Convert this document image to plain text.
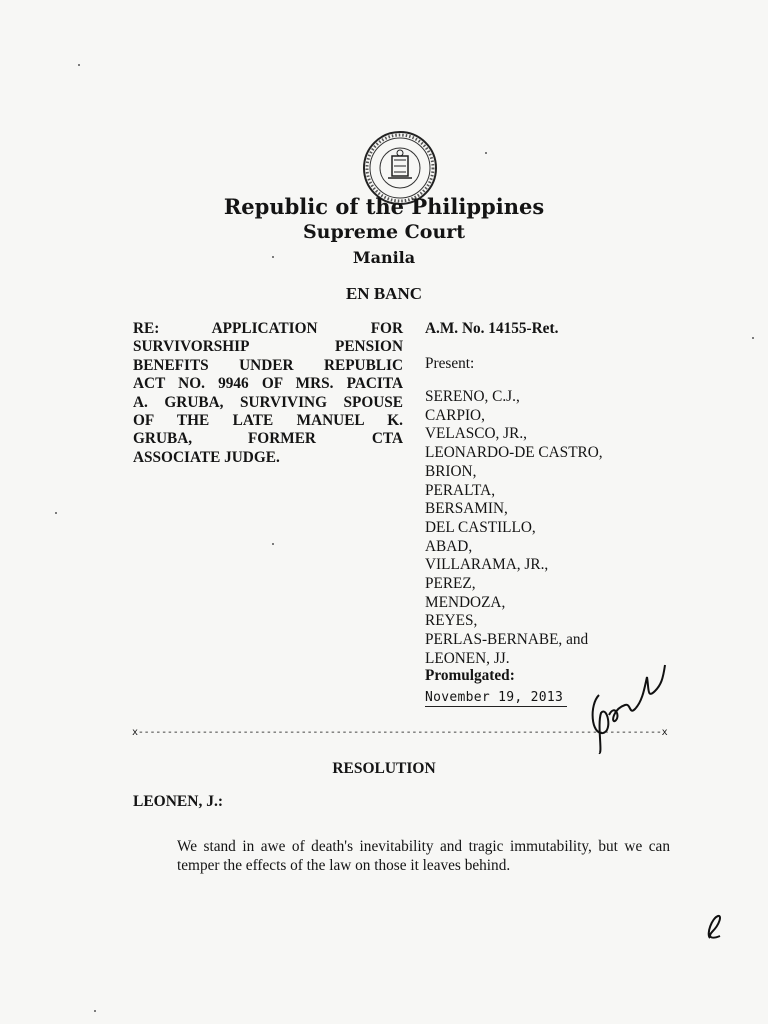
Republic of the Philippines
Supreme Court
Manila
EN BANC
RE: APPLICATION FOR
SURVIVORSHIP PENSION
BENEFITS UNDER REPUBLIC
ACT NO. 9946 OF MRS. PACITA
A. GRUBA, SURVIVING SPOUSE
OF THE LATE MANUEL K.
GRUBA, FORMER CTA
ASSOCIATE JUDGE.
A.M. No. 14155-Ret.
Present:
SERENO, C.J.,
CARPIO,
VELASCO, JR.,
LEONARDO-DE CASTRO,
BRION,
PERALTA,
BERSAMIN,
DEL CASTILLO,
ABAD,
VILLARAMA, JR.,
PEREZ,
MENDOZA,
REYES,
PERLAS-BERNABE, and
LEONEN, JJ.
Promulgated:
November 19, 2013
x------------------------------------------------------------------------------------------x
RESOLUTION
LEONEN, J.:
We stand in awe of death's inevitability and tragic immutability, but we can temper the effects of the law on those it leaves behind.
